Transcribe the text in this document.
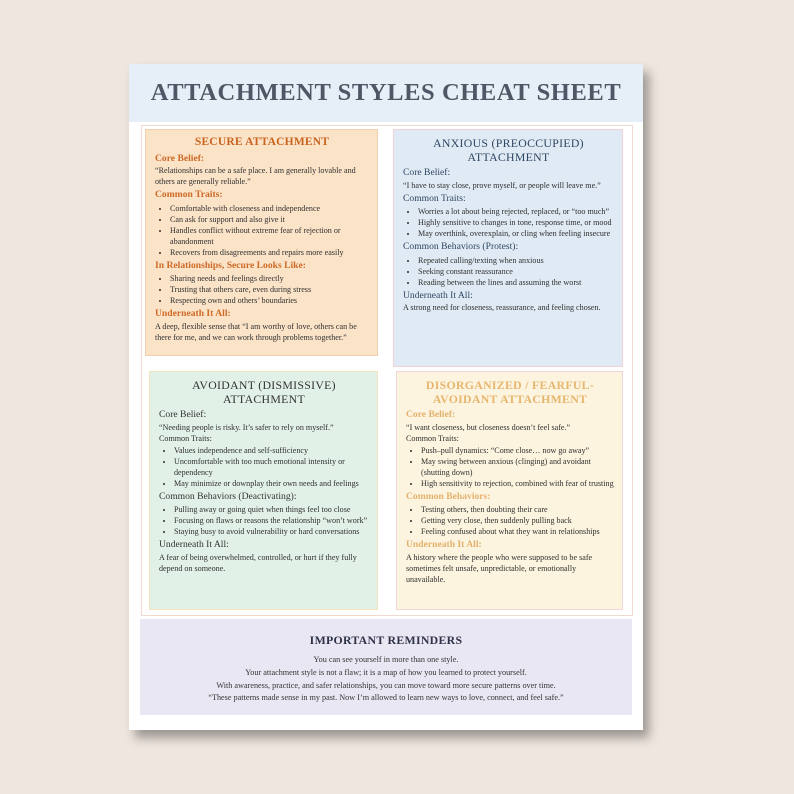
ATTACHMENT STYLES CHEAT SHEET
SECURE ATTACHMENT
Core Belief:

“Relationships can be a safe place. I am generally lovable and others are generally reliable.”

Common Traits:
• Comfortable with closeness and independence
• Can ask for support and also give it
• Handles conflict without extreme fear of rejection or abandonment
• Recovers from disagreements and repairs more easily
In Relationships, Secure Looks Like:
• Sharing needs and feelings directly
• Trusting that others care, even during stress
• Respecting own and others’ boundaries
Underneath It All:

A deep, flexible sense that “I am worthy of love, others can be there for me, and we can work through problems together.”

ANXIOUS (PREOCCUPIED)
ATTACHMENT
Core Belief:

“I have to stay close, prove myself, or people will leave me.”

Common Traits:
• Worries a lot about being rejected, replaced, or “too much”
• Highly sensitive to changes in tone, response time, or mood
• May overthink, overexplain, or cling when feeling insecure
Common Behaviors (Protest):
• Repeated calling/texting when anxious
• Seeking constant reassurance
• Reading between the lines and assuming the worst
Underneath It All:

A strong need for closeness, reassurance, and feeling chosen.

AVOIDANT (DISMISSIVE)
ATTACHMENT
Core Belief:

“Needing people is risky. It’s safer to rely on myself.”

Common Traits:

• Values independence and self-sufficiency
• Uncomfortable with too much emotional intensity or dependency
• May minimize or downplay their own needs and feelings
Common Behaviors (Deactivating):
• Pulling away or going quiet when things feel too close
• Focusing on flaws or reasons the relationship “won’t work”
• Staying busy to avoid vulnerability or hard conversations
Underneath It All:

A fear of being overwhelmed, controlled, or hurt if they fully depend on someone.

DISORGANIZED / FEARFUL-
AVOIDANT ATTACHMENT
Core Belief:

“I want closeness, but closeness doesn’t feel safe.”

Common Traits:

• Push–pull dynamics: “Come close… now go away”
• May swing between anxious (clinging) and avoidant (shutting down)
• High sensitivity to rejection, combined with fear of trusting
Common Behaviors:
• Testing others, then doubting their care
• Getting very close, then suddenly pulling back
• Feeling confused about what they want in relationships
Underneath It All:

A history where the people who were supposed to be safe sometimes felt unsafe, unpredictable, or emotionally unavailable.

IMPORTANT REMINDERS

You can see yourself in more than one style.

Your attachment style is not a flaw; it is a map of how you learned to protect yourself.

With awareness, practice, and safer relationships, you can move toward more secure patterns over time.

“These patterns made sense in my past. Now I’m allowed to learn new ways to love, connect, and feel safe.”
